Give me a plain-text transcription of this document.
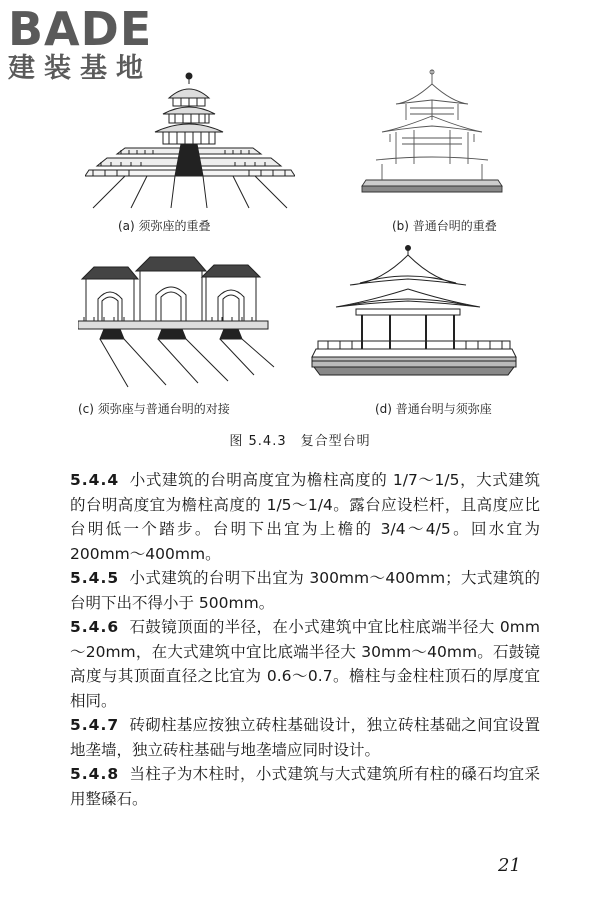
BADE
建装基地
(a) 须弥座的重叠	(b) 普通台明的重叠
(c) 须弥座与普通台明的对接	(d) 普通台明与须弥座
图 5.4.3　复合型台明

5.4.4 小式建筑的台明高度宜为檐柱高度的 1/7～1/5，大式建筑的台明高度宜为檐柱高度的 1/5～1/4。露台应设栏杆，且高度应比台明低一个踏步。台明下出宜为上檐的 3/4～4/5。回水宜为 200mm～400mm。

5.4.5 小式建筑的台明下出宜为 300mm～400mm；大式建筑的台明下出不得小于 500mm。

5.4.6 石鼓镜顶面的半径，在小式建筑中宜比柱底端半径大 0mm～20mm，在大式建筑中宜比底端半径大 30mm～40mm。石鼓镜高度与其顶面直径之比宜为 0.6～0.7。檐柱与金柱柱顶石的厚度宜相同。

5.4.7 砖砌柱基应按独立砖柱基础设计，独立砖柱基础之间宜设置地垄墙，独立砖柱基础与地垄墙应同时设计。

5.4.8 当柱子为木柱时，小式建筑与大式建筑所有柱的磉石均宜采用整磉石。

21
